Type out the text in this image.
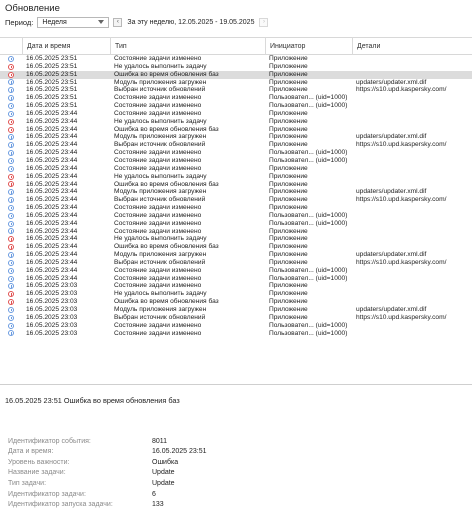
Обновление
Период: Неделя	‹ За эту неделю, 12.05.2025 - 19.05.2025 ›
Дата и время	Тип	Инициатор	Детали
16.05.2025 23:51	Состояние задачи изменено	Приложение
16.05.2025 23:51	Не удалось выполнить задачу	Приложение
16.05.2025 23:51	Ошибка во время обновления баз	Приложение
16.05.2025 23:51	Модуль приложения загружен	Приложение	updaters/updater.xml.dif
16.05.2025 23:51	Выбран источник обновлений	Приложение	https://s10.upd.kaspersky.com/
16.05.2025 23:51	Состояние задачи изменено	Пользовател... (uid=1000)
16.05.2025 23:51	Состояние задачи изменено	Пользовател... (uid=1000)
16.05.2025 23:44	Состояние задачи изменено	Приложение
16.05.2025 23:44	Не удалось выполнить задачу	Приложение
16.05.2025 23:44	Ошибка во время обновления баз	Приложение
16.05.2025 23:44	Модуль приложения загружен	Приложение	updaters/updater.xml.dif
16.05.2025 23:44	Выбран источник обновлений	Приложение	https://s10.upd.kaspersky.com/
16.05.2025 23:44	Состояние задачи изменено	Пользовател... (uid=1000)
16.05.2025 23:44	Состояние задачи изменено	Пользовател... (uid=1000)
16.05.2025 23:44	Состояние задачи изменено	Приложение
16.05.2025 23:44	Не удалось выполнить задачу	Приложение
16.05.2025 23:44	Ошибка во время обновления баз	Приложение
16.05.2025 23:44	Модуль приложения загружен	Приложение	updaters/updater.xml.dif
16.05.2025 23:44	Выбран источник обновлений	Приложение	https://s10.upd.kaspersky.com/
16.05.2025 23:44	Состояние задачи изменено	Приложение
16.05.2025 23:44	Состояние задачи изменено	Пользовател... (uid=1000)
16.05.2025 23:44	Состояние задачи изменено	Пользовател... (uid=1000)
16.05.2025 23:44	Состояние задачи изменено	Приложение
16.05.2025 23:44	Не удалось выполнить задачу	Приложение
16.05.2025 23:44	Ошибка во время обновления баз	Приложение
16.05.2025 23:44	Модуль приложения загружен	Приложение	updaters/updater.xml.dif
16.05.2025 23:44	Выбран источник обновлений	Приложение	https://s10.upd.kaspersky.com/
16.05.2025 23:44	Состояние задачи изменено	Пользовател... (uid=1000)
16.05.2025 23:44	Состояние задачи изменено	Пользовател... (uid=1000)
16.05.2025 23:03	Состояние задачи изменено	Приложение
16.05.2025 23:03	Не удалось выполнить задачу	Приложение
16.05.2025 23:03	Ошибка во время обновления баз	Приложение
16.05.2025 23:03	Модуль приложения загружен	Приложение	updaters/updater.xml.dif
16.05.2025 23:03	Выбран источник обновлений	Приложение	https://s10.upd.kaspersky.com/
16.05.2025 23:03	Состояние задачи изменено	Пользовател... (uid=1000)
16.05.2025 23:03	Состояние задачи изменено	Пользовател... (uid=1000)
16.05.2025 23:51 Ошибка во время обновления баз
Идентификатор события:	8011
Дата и время:	16.05.2025 23:51
Уровень важности:	Ошибка
Название задачи:	Update
Тип задачи:	Update
Идентификатор задачи:	6
Идентификатор запуска задачи:	133
